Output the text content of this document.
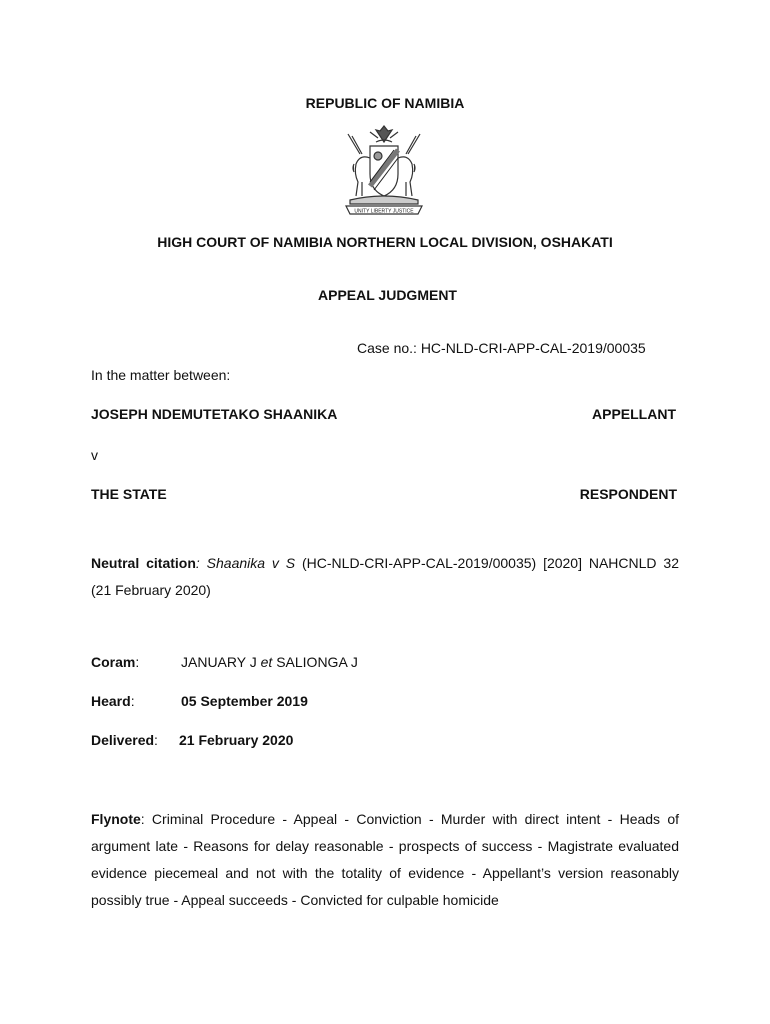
REPUBLIC OF NAMIBIA
UNITY LIBERTY JUSTICE
HIGH COURT OF NAMIBIA NORTHERN LOCAL DIVISION, OSHAKATI
APPEAL JUDGMENT
Case no.: HC-NLD-CRI-APP-CAL-2019/00035
In the matter between:
JOSEPH NDEMUTETAKO SHAANIKA	APPELLANT
v
THE STATE	RESPONDENT
Neutral citation: Shaanika v S (HC-NLD-CRI-APP-CAL-2019/00035) [2020] NAHCNLD 32 (21 February 2020)
Coram:	JANUARY J et SALIONGA J
Heard:	05 September 2019
Delivered: 21 February 2020
Flynote: Criminal Procedure - Appeal - Conviction - Murder with direct intent - Heads of argument late - Reasons for delay reasonable - prospects of success - Magistrate evaluated evidence piecemeal and not with the totality of evidence - Appellant’s version reasonably possibly true - Appeal succeeds - Convicted for culpable homicide
